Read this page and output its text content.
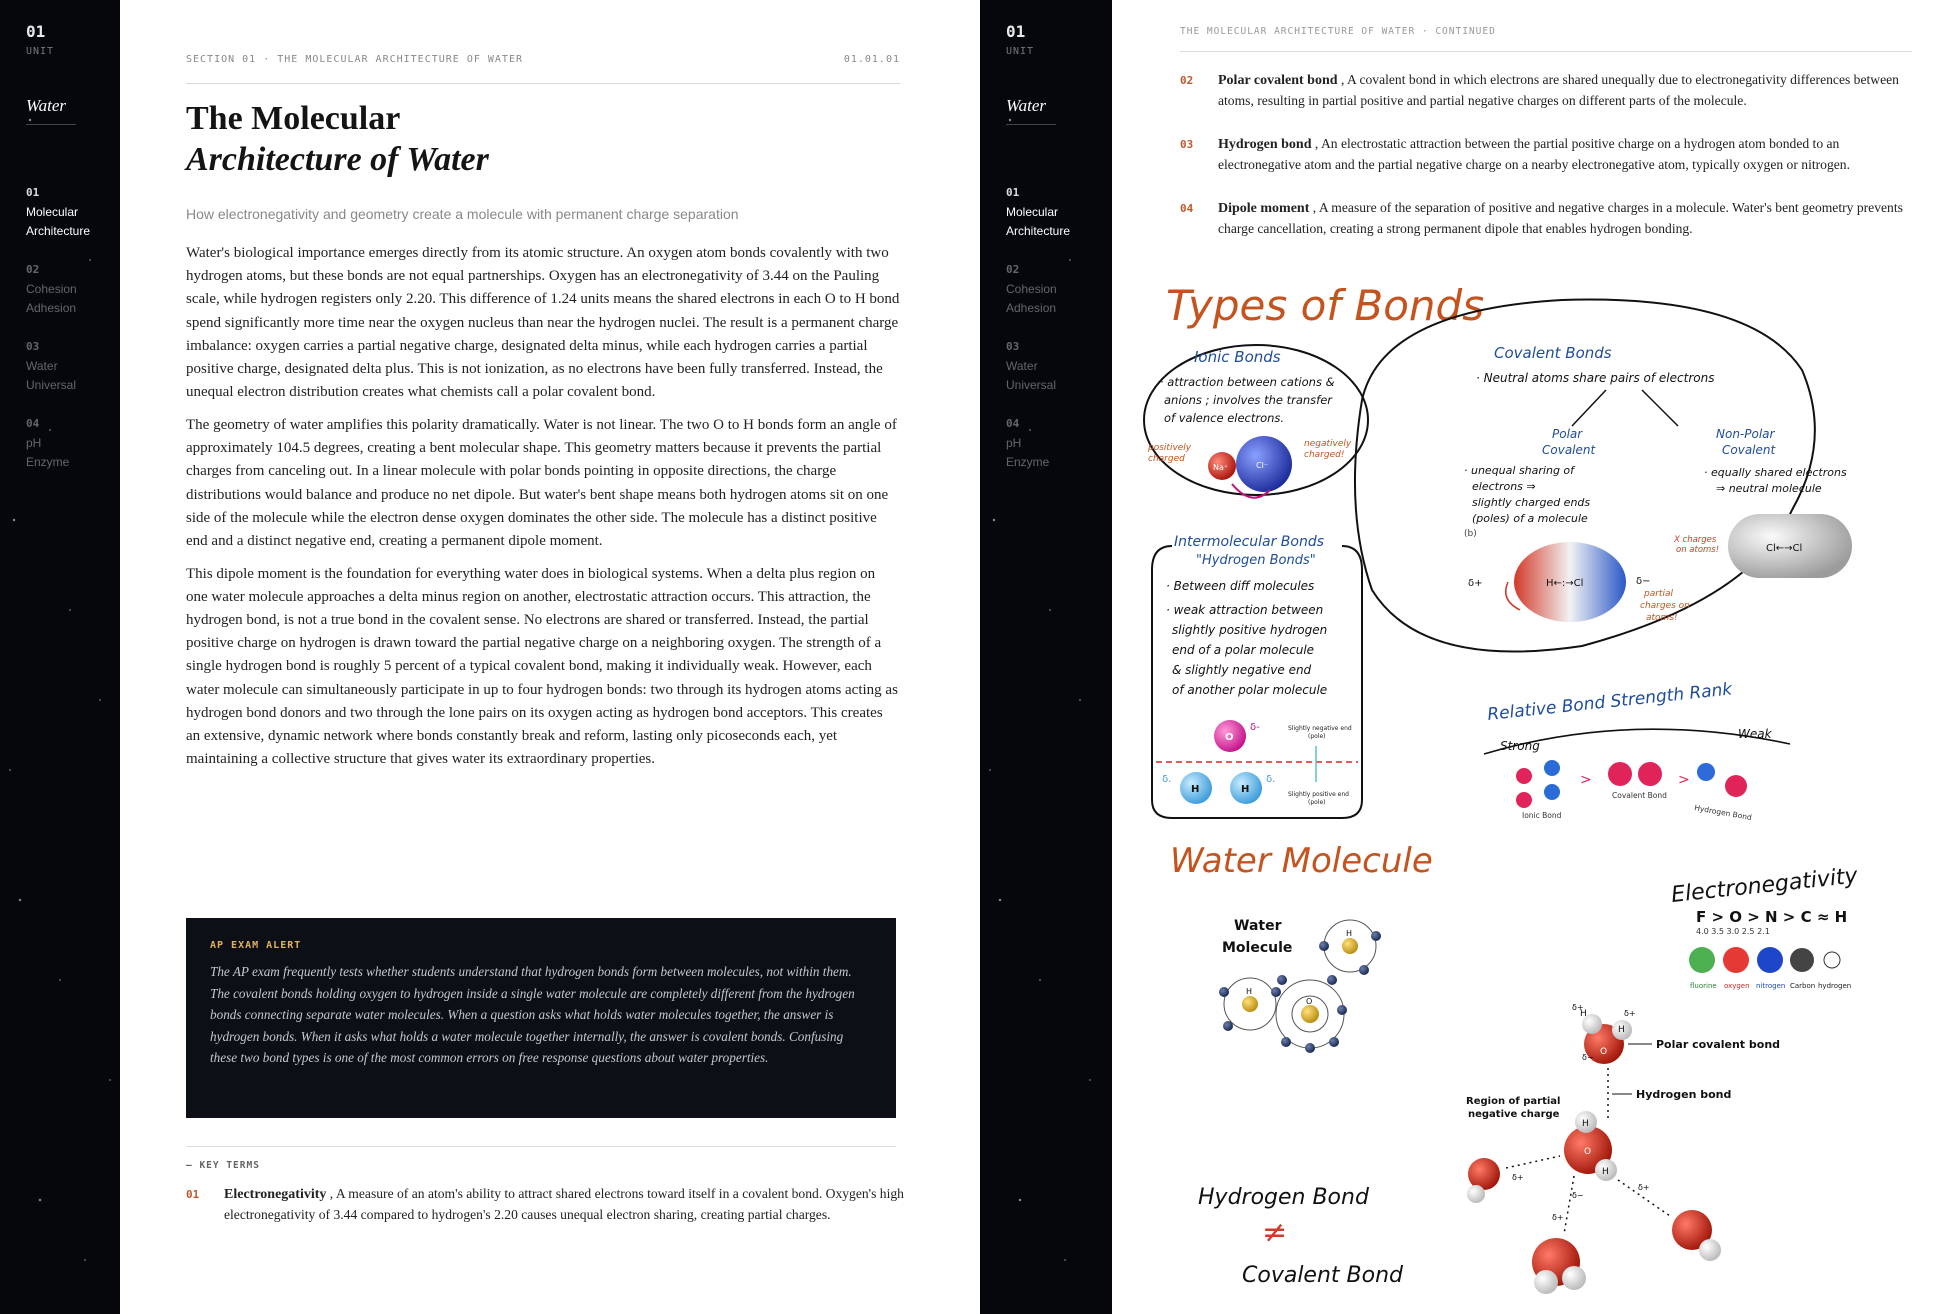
01
UNIT
Water
01
Molecular
Architecture
02
Cohesion
Adhesion
03
Water
Universal
04
pH
Enzyme
SECTION 01 · THE MOLECULAR ARCHITECTURE OF WATER	01.01.01
The Molecular
Architecture of Water
How electronegativity and geometry create a molecule with permanent charge separation

Water's biological importance emerges directly from its atomic structure. An oxygen atom bonds covalently with two hydrogen atoms, but these bonds are not equal partnerships. Oxygen has an electronegativity of 3.44 on the Pauling scale, while hydrogen registers only 2.20. This difference of 1.24 units means the shared electrons in each O to H bond spend significantly more time near the oxygen nucleus than near the hydrogen nuclei. The result is a permanent charge imbalance: oxygen carries a partial negative charge, designated delta minus, while each hydrogen carries a partial positive charge, designated delta plus. This is not ionization, as no electrons have been fully transferred. Instead, the unequal electron distribution creates what chemists call a polar covalent bond.

The geometry of water amplifies this polarity dramatically. Water is not linear. The two O to H bonds form an angle of approximately 104.5 degrees, creating a bent molecular shape. This geometry matters because it prevents the partial charges from canceling out. In a linear molecule with polar bonds pointing in opposite directions, the charge distributions would balance and produce no net dipole. But water's bent shape means both hydrogen atoms sit on one side of the molecule while the electron dense oxygen dominates the other side. The molecule has a distinct positive end and a distinct negative end, creating a permanent dipole moment.

This dipole moment is the foundation for everything water does in biological systems. When a delta plus region on one water molecule approaches a delta minus region on another, electrostatic attraction occurs. This attraction, the hydrogen bond, is not a true bond in the covalent sense. No electrons are shared or transferred. Instead, the partial positive charge on hydrogen is drawn toward the partial negative charge on a neighboring oxygen. The strength of a single hydrogen bond is roughly 5 percent of a typical covalent bond, making it individually weak. However, each water molecule can simultaneously participate in up to four hydrogen bonds: two through its hydrogen atoms acting as hydrogen bond donors and two through the lone pairs on its oxygen acting as hydrogen bond acceptors. This creates an extensive, dynamic network where bonds constantly break and reform, lasting only picoseconds each, yet maintaining a collective structure that gives water its extraordinary properties.

AP EXAM ALERT
The AP exam frequently tests whether students understand that hydrogen bonds form between molecules, not within them. The covalent bonds holding oxygen to hydrogen inside a single water molecule are completely different from the hydrogen bonds connecting separate water molecules. When a question asks what holds water molecules together, the answer is hydrogen bonds. When it asks what holds a water molecule together internally, the answer is covalent bonds. Confusing these two bond types is one of the most common errors on free response questions about water properties.
— KEY TERMS
01 Electronegativity , A measure of an atom's ability to attract shared electrons toward itself in a covalent bond. Oxygen's high electronegativity of 3.44 compared to hydrogen's 2.20 causes unequal electron sharing, creating partial charges.
01
UNIT
Water
01
Molecular
Architecture
02
Cohesion
Adhesion
03
Water
Universal
04
pH
Enzyme
THE MOLECULAR ARCHITECTURE OF WATER · CONTINUED
02 Polar covalent bond , A covalent bond in which electrons are shared unequally due to electronegativity differences between atoms, resulting in partial positive and partial negative charges on different parts of the molecule.
03 Hydrogen bond , An electrostatic attraction between the partial positive charge on a hydrogen atom bonded to an electronegative atom and the partial negative charge on a nearby electronegative atom, typically oxygen or nitrogen.
04 Dipole moment , A measure of the separation of positive and negative charges in a molecule. Water's bent geometry prevents charge cancellation, creating a strong permanent dipole that enables hydrogen bonding.
Types of Bonds
Ionic Bonds
· attraction between cations &
anions ; involves the transfer
of valence electrons.
Na⁺	Cl⁻
positively
charged
negatively
charged!
Covalent Bonds
· Neutral atoms share pairs of electrons
Polar
Covalent
· unequal sharing of
electrons ⇒
slightly charged ends
(poles) of a molecule
(b)
H←:→Cl
δ+	δ−
partial
charges on
atoms!
Non-Polar
Covalent
· equally shared electrons
⇒ neutral molecule
X charges
on atoms!	Cl←→Cl
Intermolecular Bonds
"Hydrogen Bonds"
· Between diff molecules
· weak attraction between
slightly positive hydrogen
end of a polar molecule
& slightly negative end
of another polar molecule
O
δ-
H	H
δ.	δ.
Slightly negative end
(pole)
Slightly positive end
(pole)
Relative Bond Strength Rank
Strong
Weak
Ionic Bond
>
Covalent Bond
>
Hydrogen Bond
Water Molecule
Water
Molecule
H
O
H
Electronegativity
F > O > N > C ≈ H
4.0 3.5 3.0 2.5 2.1
fluorine oxygen nitrogen Carbon hydrogen
H
H
O
δ+
δ+
δ−
Polar covalent bond
Hydrogen bond
Region of partial
negative charge
H
H
O
δ+
δ+
δ−
δ+
Hydrogen Bond
≠
Covalent Bond
